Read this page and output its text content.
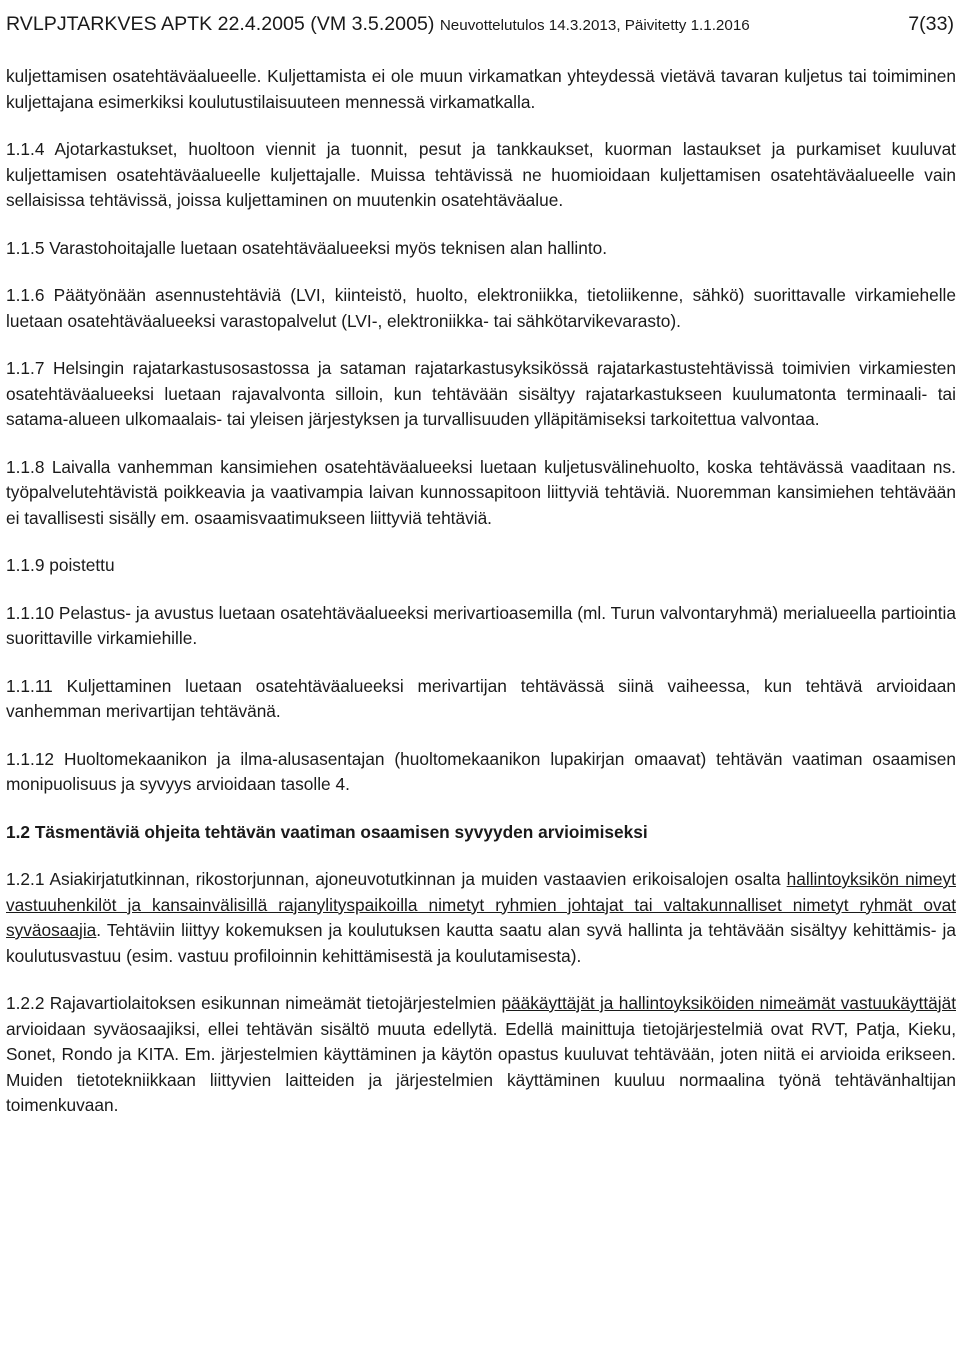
RVLPJTARKVES APTK 22.4.2005 (VM 3.5.2005) Neuvottelutulos 14.3.2013, Päivitetty 1.1.2016	7(33)

kuljettamisen osatehtäväalueelle. Kuljettamista ei ole muun virkamatkan yhteydessä vietävä tavaran kuljetus tai toimiminen kuljettajana esimerkiksi koulutustilaisuuteen mennessä virkamatkalla.

1.1.4 Ajotarkastukset, huoltoon viennit ja tuonnit, pesut ja tankkaukset, kuorman lastaukset ja purkamiset kuuluvat kuljettamisen osatehtäväalueelle kuljettajalle. Muissa tehtävissä ne huomioidaan kuljettamisen osatehtäväalueelle vain sellaisissa tehtävissä, joissa kuljettaminen on muutenkin osatehtäväalue.

1.1.5 Varastohoitajalle luetaan osatehtäväalueeksi myös teknisen alan hallinto.

1.1.6 Päätyönään asennustehtäviä (LVI, kiinteistö, huolto, elektroniikka, tietoliikenne, sähkö) suorittavalle virkamiehelle luetaan osatehtäväalueeksi varastopalvelut (LVI-, elektroniikka- tai sähkötarvikevarasto).

1.1.7 Helsingin rajatarkastusosastossa ja sataman rajatarkastusyksikössä rajatarkastustehtävissä toimivien virkamiesten osatehtäväalueeksi luetaan rajavalvonta silloin, kun tehtävään sisältyy rajatarkastukseen kuulumatonta terminaali- tai satama-alueen ulkomaalais- tai yleisen järjestyksen ja turvallisuuden ylläpitämiseksi tarkoitettua valvontaa.

1.1.8 Laivalla vanhemman kansimiehen osatehtäväalueeksi luetaan kuljetusvälinehuolto, koska tehtävässä vaaditaan ns. työpalvelutehtävistä poikkeavia ja vaativampia laivan kunnossapitoon liittyviä tehtäviä. Nuoremman kansimiehen tehtävään ei tavallisesti sisälly em. osaamisvaatimukseen liittyviä tehtäviä.

1.1.9 poistettu

1.1.10 Pelastus- ja avustus luetaan osatehtäväalueeksi merivartioasemilla (ml. Turun valvontaryhmä) merialueella partiointia suorittaville virkamiehille.

1.1.11 Kuljettaminen luetaan osatehtäväalueeksi merivartijan tehtävässä siinä vaiheessa, kun tehtävä arvioidaan vanhemman merivartijan tehtävänä.

1.1.12 Huoltomekaanikon ja ilma-alusasentajan (huoltomekaanikon lupakirjan omaavat) tehtävän vaatiman osaamisen monipuolisuus ja syvyys arvioidaan tasolle 4.

1.2 Täsmentäviä ohjeita tehtävän vaatiman osaamisen syvyyden arvioimiseksi

1.2.1 Asiakirjatutkinnan, rikostorjunnan, ajoneuvotutkinnan ja muiden vastaavien erikoisalojen osalta hallintoyksikön nimeyt vastuuhenkilöt ja kansainvälisillä rajanylityspaikoilla nimetyt ryhmien johtajat tai valtakunnalliset nimetyt ryhmät ovat syväosaajia. Tehtäviin liittyy kokemuksen ja koulutuksen kautta saatu alan syvä hallinta ja tehtävään sisältyy kehittämis- ja koulutusvastuu (esim. vastuu profiloinnin kehittämisestä ja koulutamisesta).

1.2.2 Rajavartiolaitoksen esikunnan nimeämät tietojärjestelmien pääkäyttäjät ja hallintoyksiköiden nimeämät vastuukäyttäjät arvioidaan syväosaajiksi, ellei tehtävän sisältö muuta edellytä. Edellä mainittuja tietojärjestelmiä ovat RVT, Patja, Kieku, Sonet, Rondo ja KITA. Em. järjestelmien käyttäminen ja käytön opastus kuuluvat tehtävään, joten niitä ei arvioida erikseen. Muiden tietotekniikkaan liittyvien laitteiden ja järjestelmien käyttäminen kuuluu normaalina työnä tehtävänhaltijan toimenkuvaan.
